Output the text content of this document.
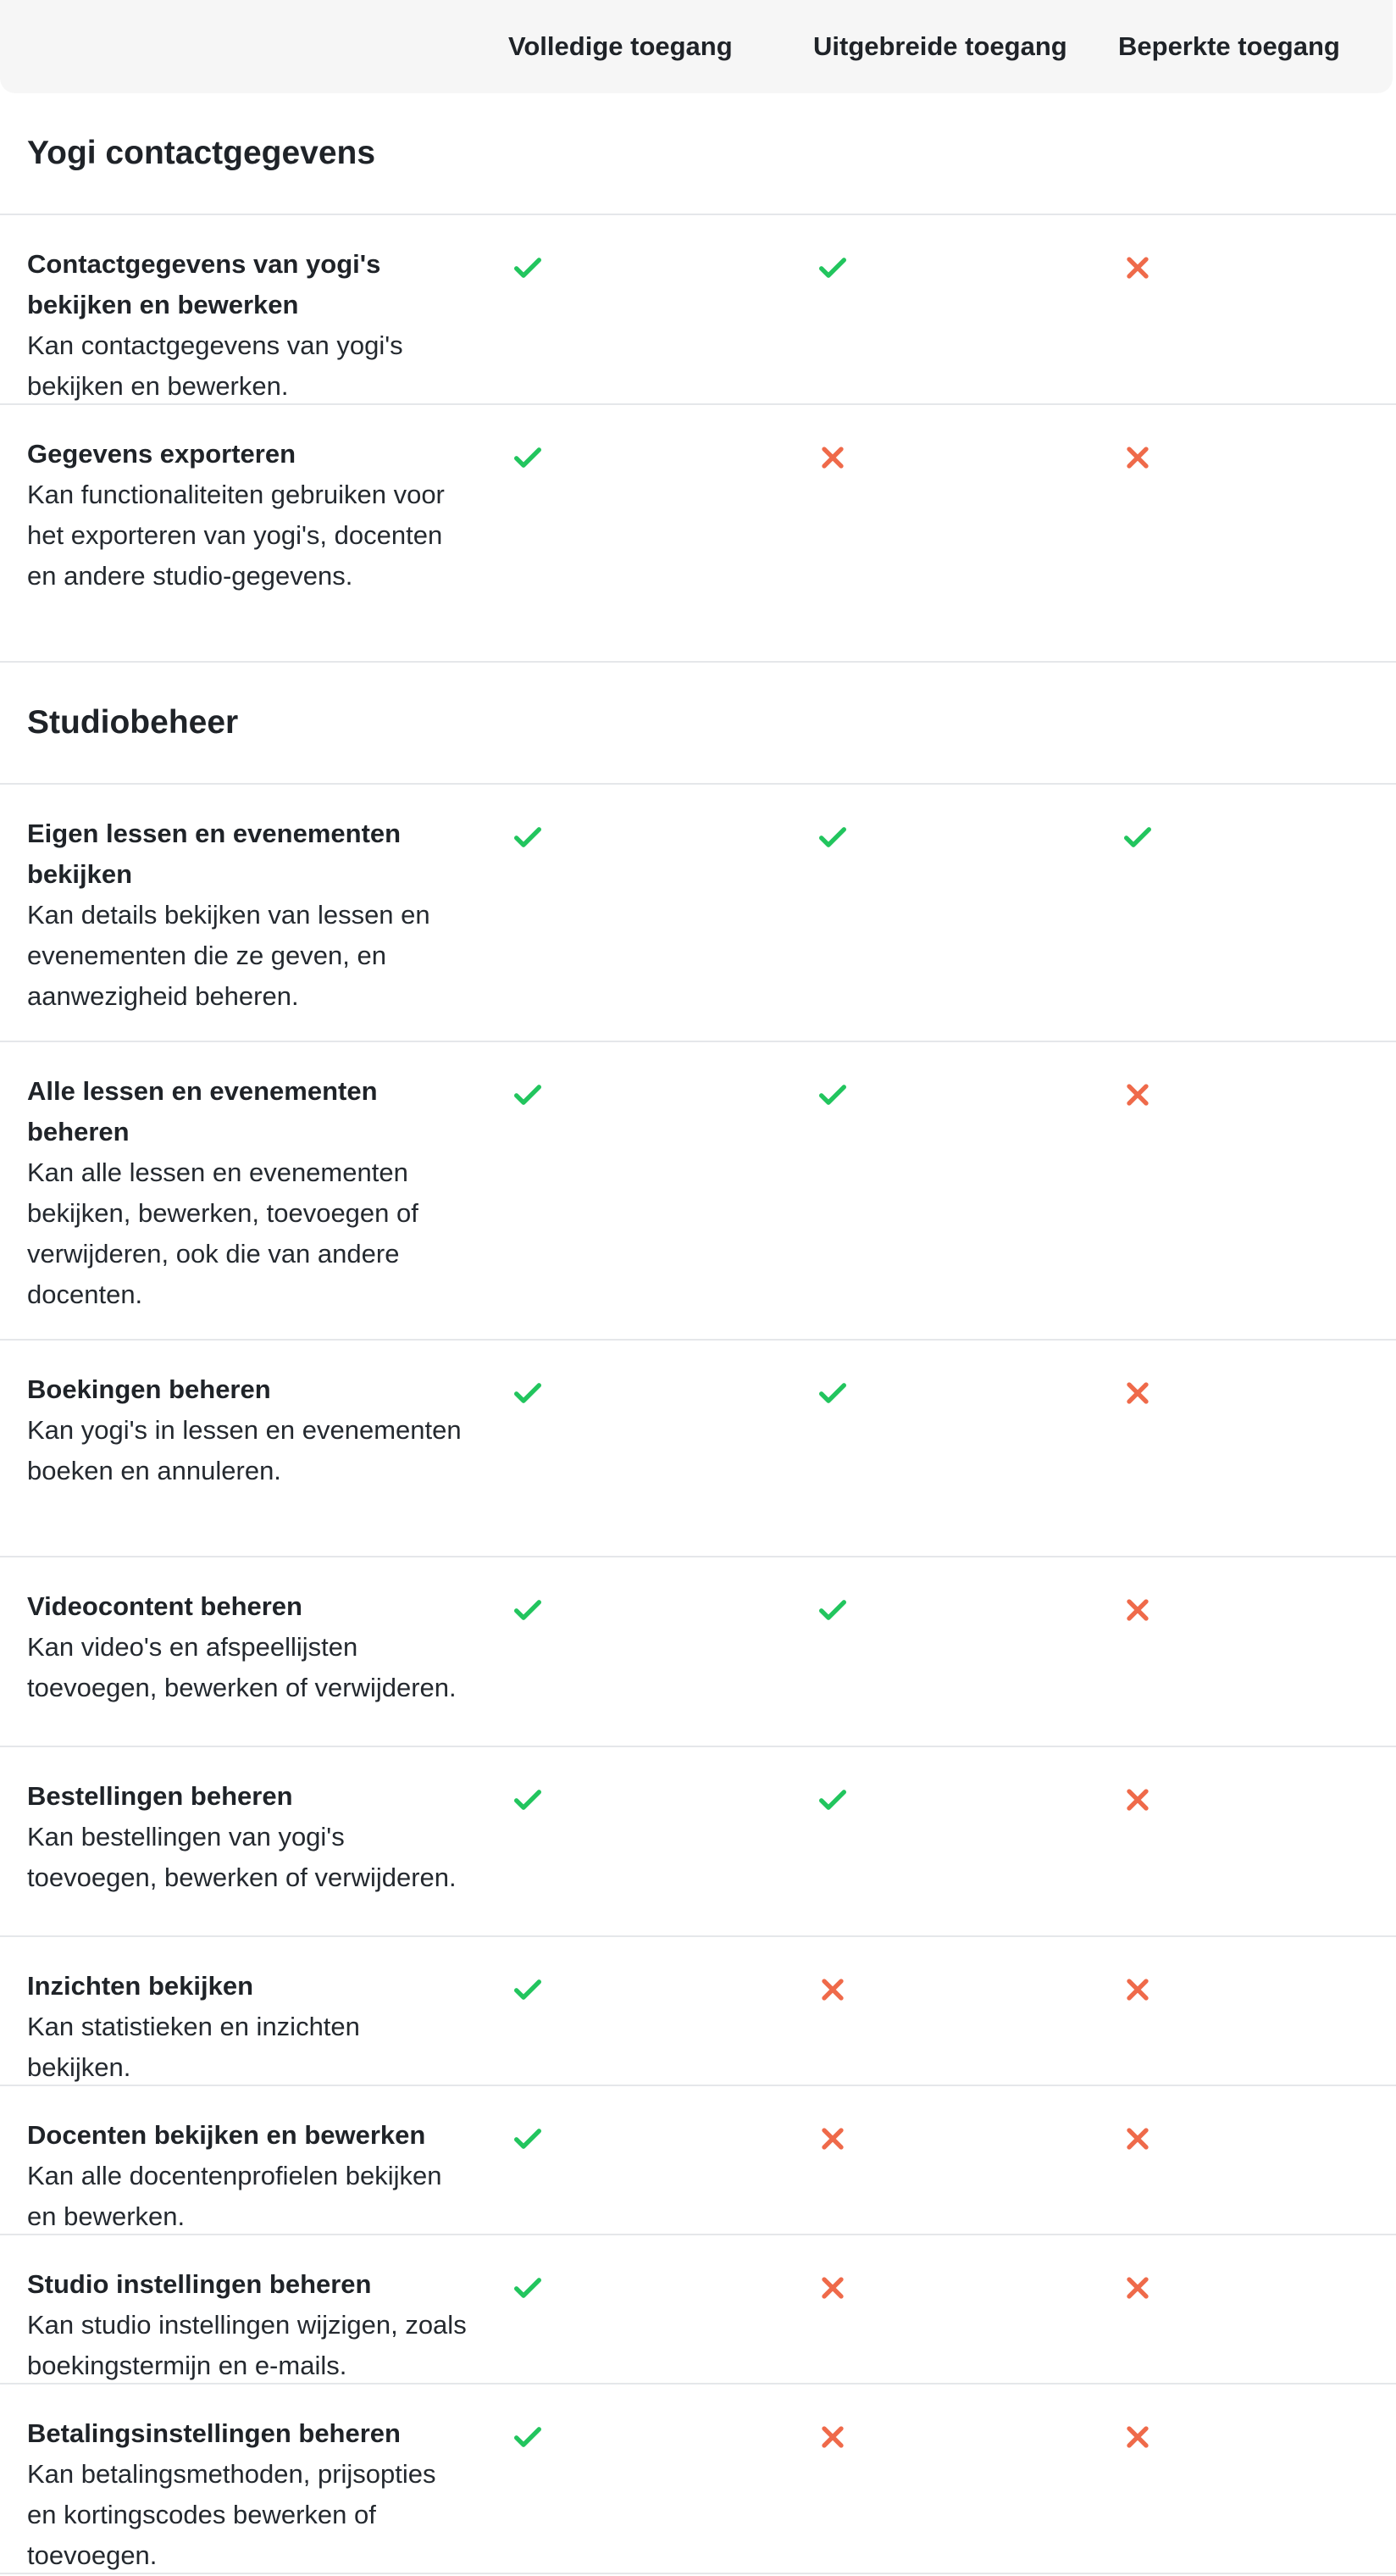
Volledige toegang	Uitgebreide toegang Beperkte toegang
Yogi contactgegevens
Contactgegevens van yogi's bekijken en bewerken
Kan contactgegevens van yogi's bekijken en bewerken.
Gegevens exporteren
Kan functionaliteiten gebruiken voor het exporteren van yogi's, docenten en andere studio-gegevens.
Studiobeheer
Eigen lessen en evenementen bekijken
Kan details bekijken van lessen en evenementen die ze geven, en aanwezigheid beheren.
Alle lessen en evenementen beheren
Kan alle lessen en evenementen bekijken, bewerken, toevoegen of verwijderen, ook die van andere docenten.
Boekingen beheren
Kan yogi's in lessen en evenementen boeken en annuleren.
Videocontent beheren
Kan video's en afspeellijsten toevoegen, bewerken of verwijderen.
Bestellingen beheren
Kan bestellingen van yogi's toevoegen, bewerken of verwijderen.
Inzichten bekijken
Kan statistieken en inzichten bekijken.
Docenten bekijken en bewerken
Kan alle docentenprofielen bekijken en bewerken.
Studio instellingen beheren
Kan studio instellingen wijzigen, zoals boekingstermijn en e-mails.
Betalingsinstellingen beheren
Kan betalingsmethoden, prijsopties en kortingscodes bewerken of toevoegen.
